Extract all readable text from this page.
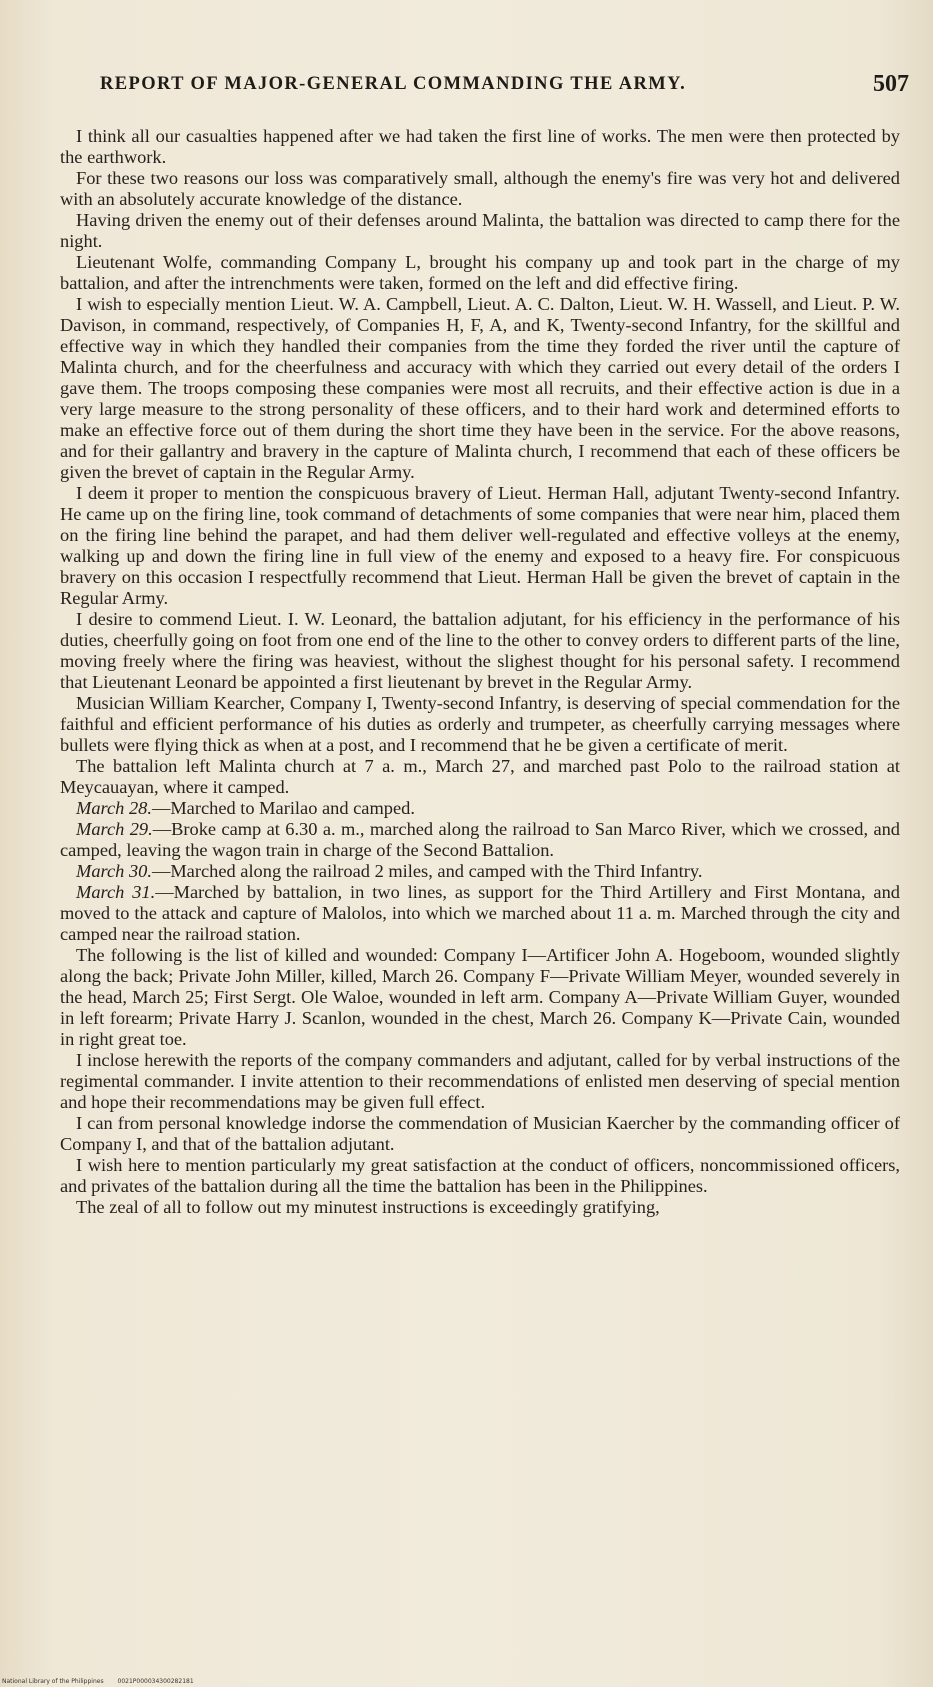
REPORT OF MAJOR-GENERAL COMMANDING THE ARMY.	507

I think all our casualties happened after we had taken the first line of works. The men were then protected by the earthwork.

For these two reasons our loss was comparatively small, although the enemy's fire was very hot and delivered with an absolutely accurate knowledge of the distance.

Having driven the enemy out of their defenses around Malinta, the battalion was directed to camp there for the night.

Lieutenant Wolfe, commanding Company L, brought his company up and took part in the charge of my battalion, and after the intrenchments were taken, formed on the left and did effective firing.

I wish to especially mention Lieut. W. A. Campbell, Lieut. A. C. Dalton, Lieut. W. H. Wassell, and Lieut. P. W. Davison, in command, respectively, of Companies H, F, A, and K, Twenty-second Infantry, for the skillful and effective way in which they handled their companies from the time they forded the river until the capture of Malinta church, and for the cheerfulness and accuracy with which they carried out every detail of the orders I gave them. The troops composing these companies were most all recruits, and their effective action is due in a very large measure to the strong personality of these officers, and to their hard work and determined efforts to make an effective force out of them during the short time they have been in the service. For the above reasons, and for their gallantry and bravery in the capture of Malinta church, I recommend that each of these officers be given the brevet of captain in the Regular Army.

I deem it proper to mention the conspicuous bravery of Lieut. Herman Hall, adjutant Twenty-second Infantry. He came up on the firing line, took command of detachments of some companies that were near him, placed them on the firing line behind the parapet, and had them deliver well-regulated and effective volleys at the enemy, walking up and down the firing line in full view of the enemy and exposed to a heavy fire. For conspicuous bravery on this occasion I respectfully recommend that Lieut. Herman Hall be given the brevet of captain in the Regular Army.

I desire to commend Lieut. I. W. Leonard, the battalion adjutant, for his efficiency in the performance of his duties, cheerfully going on foot from one end of the line to the other to convey orders to different parts of the line, moving freely where the firing was heaviest, without the slighest thought for his personal safety. I recommend that Lieutenant Leonard be appointed a first lieutenant by brevet in the Regular Army.

Musician William Kearcher, Company I, Twenty-second Infantry, is deserving of special commendation for the faithful and efficient performance of his duties as orderly and trumpeter, as cheerfully carrying messages where bullets were flying thick as when at a post, and I recommend that he be given a certificate of merit.

The battalion left Malinta church at 7 a. m., March 27, and marched past Polo to the railroad station at Meycauayan, where it camped.

March 28.—Marched to Marilao and camped.

March 29.—Broke camp at 6.30 a. m., marched along the railroad to San Marco River, which we crossed, and camped, leaving the wagon train in charge of the Second Battalion.

March 30.—Marched along the railroad 2 miles, and camped with the Third Infantry.

March 31.—Marched by battalion, in two lines, as support for the Third Artillery and First Montana, and moved to the attack and capture of Malolos, into which we marched about 11 a. m. Marched through the city and camped near the railroad station.

The following is the list of killed and wounded: Company I—Artificer John A. Hogeboom, wounded slightly along the back; Private John Miller, killed, March 26. Company F—Private William Meyer, wounded severely in the head, March 25; First Sergt. Ole Waloe, wounded in left arm. Company A—Private William Guyer, wounded in left forearm; Private Harry J. Scanlon, wounded in the chest, March 26. Company K—Private Cain, wounded in right great toe.

I inclose herewith the reports of the company commanders and adjutant, called for by verbal instructions of the regimental commander. I invite attention to their recommendations of enlisted men deserving of special mention and hope their recommendations may be given full effect.

I can from personal knowledge indorse the commendation of Musician Kaercher by the commanding officer of Company I, and that of the battalion adjutant.

I wish here to mention particularly my great satisfaction at the conduct of officers, noncommissioned officers, and privates of the battalion during all the time the battalion has been in the Philippines.

The zeal of all to follow out my minutest instructions is exceedingly gratifying,

National Library of the Philippines 0021P000034300282181
